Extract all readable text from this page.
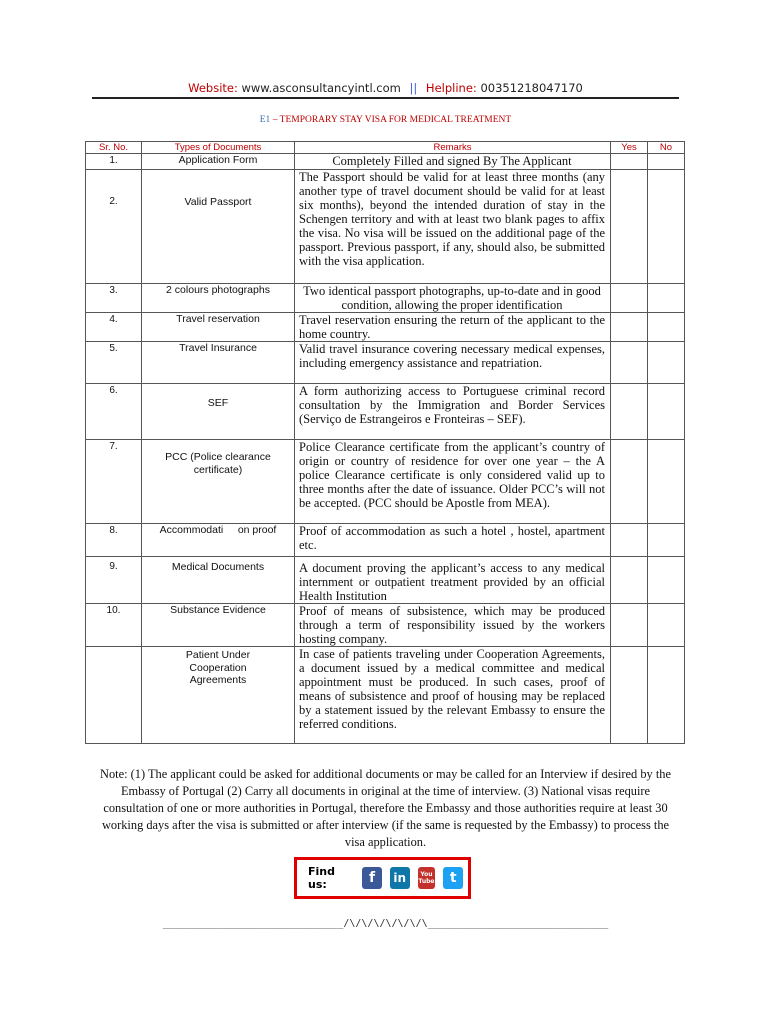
Website: www.asconsultancyintl.com || Helpline: 00351218047170
E1 – TEMPORARY STAY VISA FOR MEDICAL TREATMENT
Sr. No.	Types of Documents	Remarks	Yes	No
1.	Application Form	Completely Filled and signed By The Applicant		
2.	Valid Passport	The Passport should be valid for at least three months (any another type of travel document should be valid for at least six months), beyond the intended duration of stay in the Schengen territory and with at least two blank pages to affix the visa. No visa will be issued on the additional page of the passport. Previous passport, if any, should also, be submitted with the visa application.		
3.	2 colours photographs	Two identical passport photographs, up-to-date and in good condition, allowing the proper identification		
4.	Travel reservation	Travel reservation ensuring the return of the applicant to the home country.		
5.	Travel Insurance	Valid travel insurance covering necessary medical expenses, including emergency assistance and repatriation.		
6.	SEF	A form authorizing access to Portuguese criminal record consultation by the Immigration and Border Services (Serviço de Estrangeiros e Fronteiras – SEF).		
7.	PCC (Police clearance certificate)	Police Clearance certificate from the applicant’s country of origin or country of residence for over one year – the A police Clearance certificate is only considered valid up to three months after the date of issuance. Older PCC’s will not be accepted. (PCC should be Apostle from MEA).		
8.	Accommodati     on proof	Proof of accommodation as such a hotel , hostel, apartment etc.		
9.	Medical Documents	A document proving the applicant’s access to any medical internment or outpatient treatment provided by an official Health Institution		
10.	Substance Evidence	Proof of means of subsistence, which may be produced through a term of responsibility issued by the workers hosting company.		
	Patient Under Cooperation Agreements	In case of patients traveling under Cooperation Agreements, a document issued by a medical committee and medical appointment must be produced. In such cases, proof of means of subsistence and proof of housing may be replaced by a statement issued by the relevant Embassy to ensure the referred conditions.		
Note: (1) The applicant could be asked for additional documents or may be called for an Interview if desired by the Embassy of Portugal (2) Carry all documents in original at the time of interview. (3) National visas require consultation of one or more authorities in Portugal, therefore the Embassy and those authorities require at least 30 working days after the visa is submitted or after interview (if the same is requested by the Embassy) to process the visa application.
Find us:	f	in	You Tube	t
______________________________/\/\/\/\/\/\/\______________________________
